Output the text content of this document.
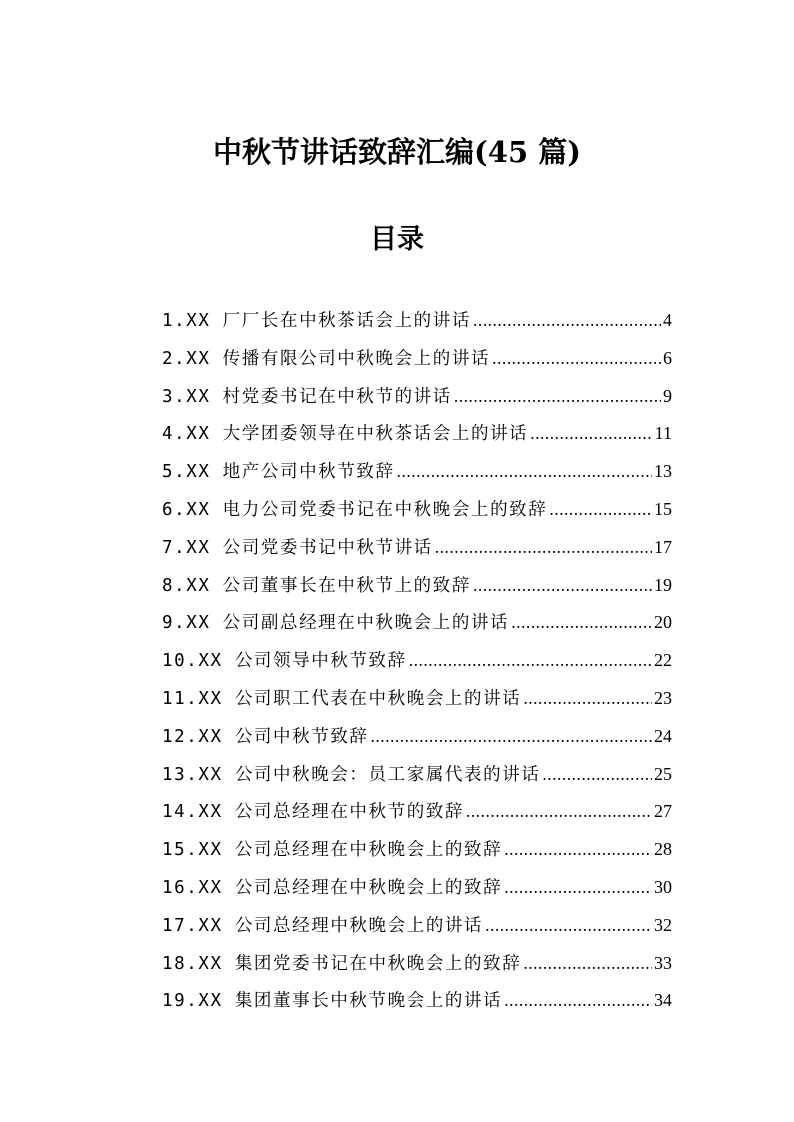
中秋节讲话致辞汇编(45 篇)
目录
1.XX 厂厂长在中秋茶话会上的讲话 .....	4
2.XX 传播有限公司中秋晚会上的讲话 .....	6
3.XX 村党委书记在中秋节的讲话 .....	9
4.XX 大学团委领导在中秋茶话会上的讲话 .....	11
5.XX 地产公司中秋节致辞 .....	13
6.XX 电力公司党委书记在中秋晚会上的致辞 .....	15
7.XX 公司党委书记中秋节讲话 .....	17
8.XX 公司董事长在中秋节上的致辞 .....	19
9.XX 公司副总经理在中秋晚会上的讲话 .....	20
10.XX 公司领导中秋节致辞 .....	22
11.XX 公司职工代表在中秋晚会上的讲话 .....	23
12.XX 公司中秋节致辞 .....	24
13.XX 公司中秋晚会：员工家属代表的讲话 .....	25
14.XX 公司总经理在中秋节的致辞 .....	27
15.XX 公司总经理在中秋晚会上的致辞 .....	28
16.XX 公司总经理在中秋晚会上的致辞 .....	30
17.XX 公司总经理中秋晚会上的讲话 .....	32
18.XX 集团党委书记在中秋晚会上的致辞 .....	33
19.XX 集团董事长中秋节晚会上的讲话 .....	34
